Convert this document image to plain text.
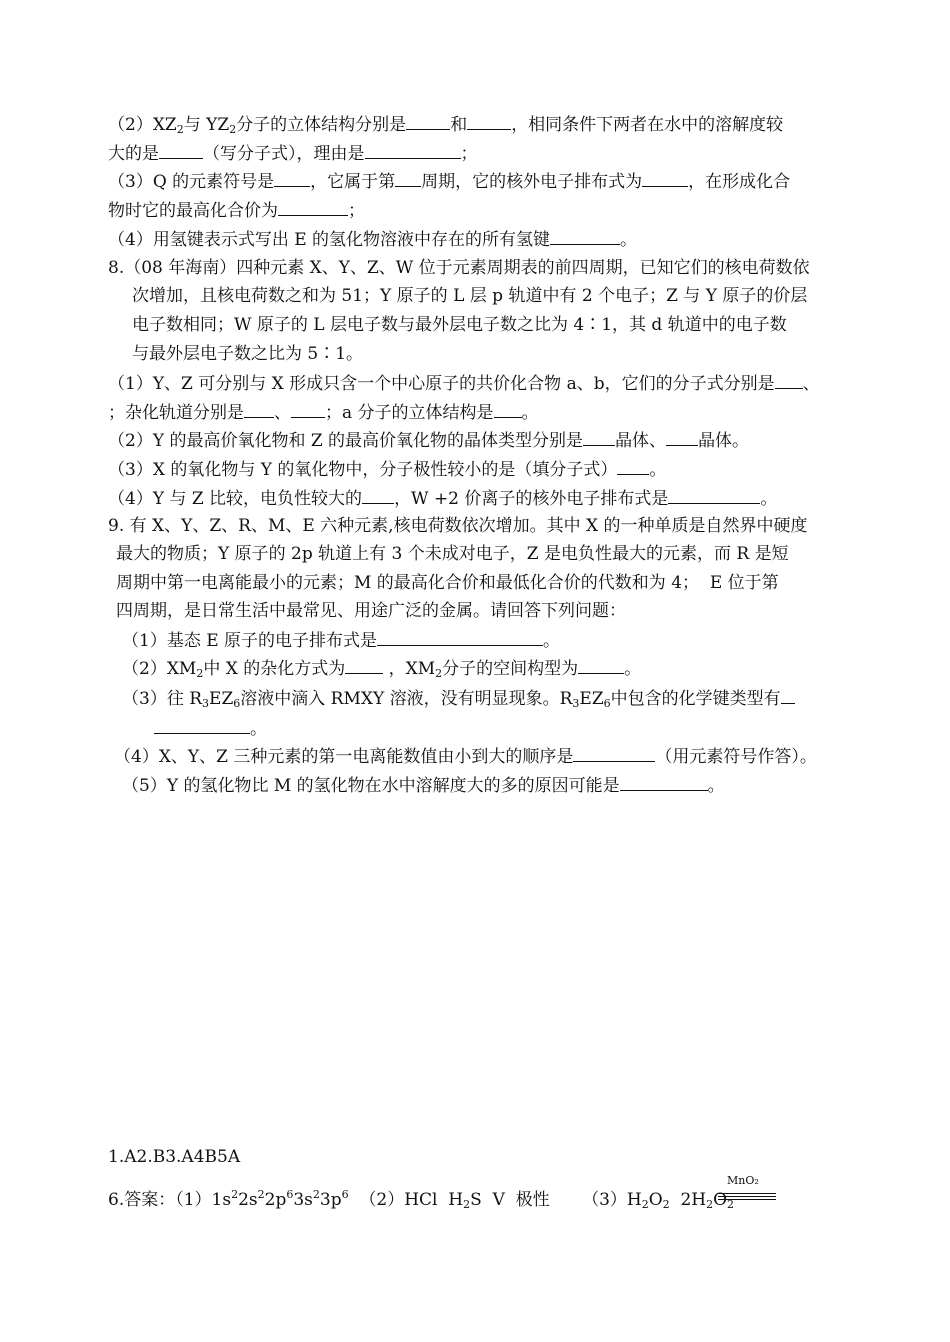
$(2)XZ_2$与 $YZ_2$分子的立体结构分别是	和	，相同条件下两者在水中的溶解度较
大的是	（写分子式），理由是	；
（3）Q 的元素符号是 ，它属于第 周期，它的核外电子排布式为	，在形成化合
物时它的最高化合价为	；
（4）用氢键表示式写出 E 的氢化物溶液中存在的所有氢键	。
8.（08 年海南）四种元素 X、Y、Z、W 位于元素周期表的前四周期，已知它们的核电荷数依
次增加，且核电荷数之和为 51；Y 原子的 L 层 p 轨道中有 2 个电子；Z 与 Y 原子的价层
电子数相同；W 原子的 L 层电子数与最外层电子数之比为 4∶1，其 d 轨道中的电子数
与最外层电子数之比为 5∶1。
（1）Y、Z 可分别与 X 形成只含一个中心原子的共价化合物 a、b，它们的分子式分别是 、
；杂化轨道分别是 、 ；a 分子的立体结构是 。
（2）Y 的最高价氧化物和 Z 的最高价氧化物的晶体类型分别是 晶体、 晶体。
（3）X 的氧化物与 Y 的氧化物中，分子极性较小的是（填分子式） 。
（4）Y 与 Z 比较，电负性较大的 ，W +2 价离子的核外电子排布式是	。
9. 有 X、Y、Z、R、M、E 六种元素,核电荷数依次增加。其中 X 的一种单质是自然界中硬度
最大的物质；Y 原子的 2p 轨道上有 3 个未成对电子，Z 是电负性最大的元素，而 R 是短
周期中第一电离能最小的元素；M 的最高化合价和最低化合价的代数和为 4；  E 位于第
四周期，是日常生活中最常见、用途广泛的金属。请回答下列问题：
（1）基态 E 原子的电子排布式是	。
$(2)XM_2$中 X 的杂化方式为 ，$XM_2$分子的空间构型为	。
（3）往 $R_3EZ_6$溶液中滴入 RMXY 溶液，没有明显现象。$R_3EZ_6$中包含的化学键类型有
。
（4）X、Y、Z 三种元素的第一电离能数值由小到大的顺序是	（用元素符号作答）。
（5）Y 的氢化物比 M 的氢化物在水中溶解度大的多的原因可能是	。
1.A2.B3.A4B5A
6.答案：$(1)1s^22s^22p^63s^23p^6$  （2）HCl  $H_2S$  V  极性      $(3)H_2O_2$  $2H_2O_2$
MnO₂
